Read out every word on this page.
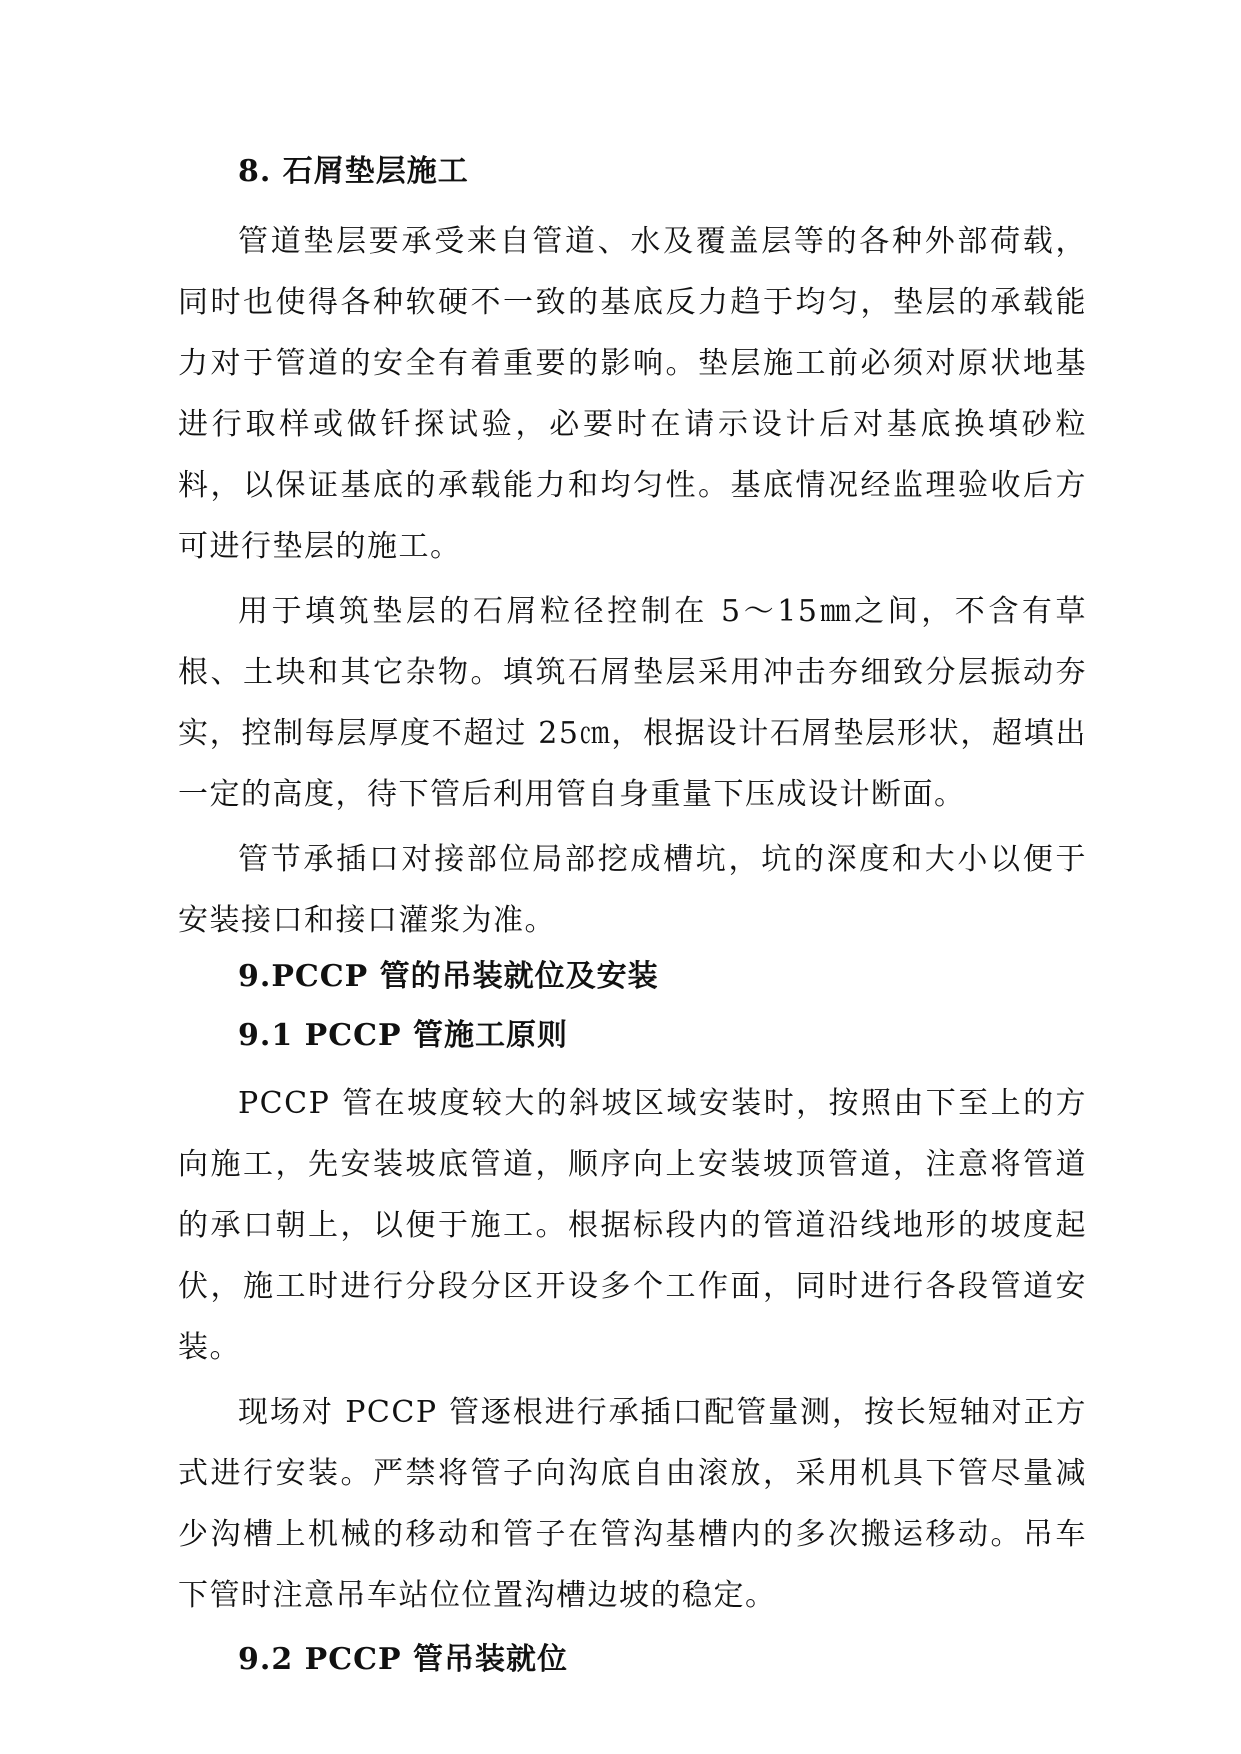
8. 石屑垫层施工

管道垫层要承受来自管道、水及覆盖层等的各种外部荷载，同时也使得各种软硬不一致的基底反力趋于均匀，垫层的承载能力对于管道的安全有着重要的影响。垫层施工前必须对原状地基进行取样或做钎探试验，必要时在请示设计后对基底换填砂粒料，以保证基底的承载能力和均匀性。基底情况经监理验收后方可进行垫层的施工。

用于填筑垫层的石屑粒径控制在 5～15㎜之间，不含有草根、土块和其它杂物。填筑石屑垫层采用冲击夯细致分层振动夯实，控制每层厚度不超过 25㎝，根据设计石屑垫层形状，超填出一定的高度，待下管后利用管自身重量下压成设计断面。

管节承插口对接部位局部挖成槽坑，坑的深度和大小以便于安装接口和接口灌浆为准。

9.PCCP 管的吊装就位及安装
9.1 PCCP 管施工原则

PCCP 管在坡度较大的斜坡区域安装时，按照由下至上的方向施工，先安装坡底管道，顺序向上安装坡顶管道，注意将管道的承口朝上，以便于施工。根据标段内的管道沿线地形的坡度起伏，施工时进行分段分区开设多个工作面，同时进行各段管道安装。

现场对 PCCP 管逐根进行承插口配管量测，按长短轴对正方式进行安装。严禁将管子向沟底自由滚放，采用机具下管尽量减少沟槽上机械的移动和管子在管沟基槽内的多次搬运移动。吊车下管时注意吊车站位位置沟槽边坡的稳定。

9.2 PCCP 管吊装就位
